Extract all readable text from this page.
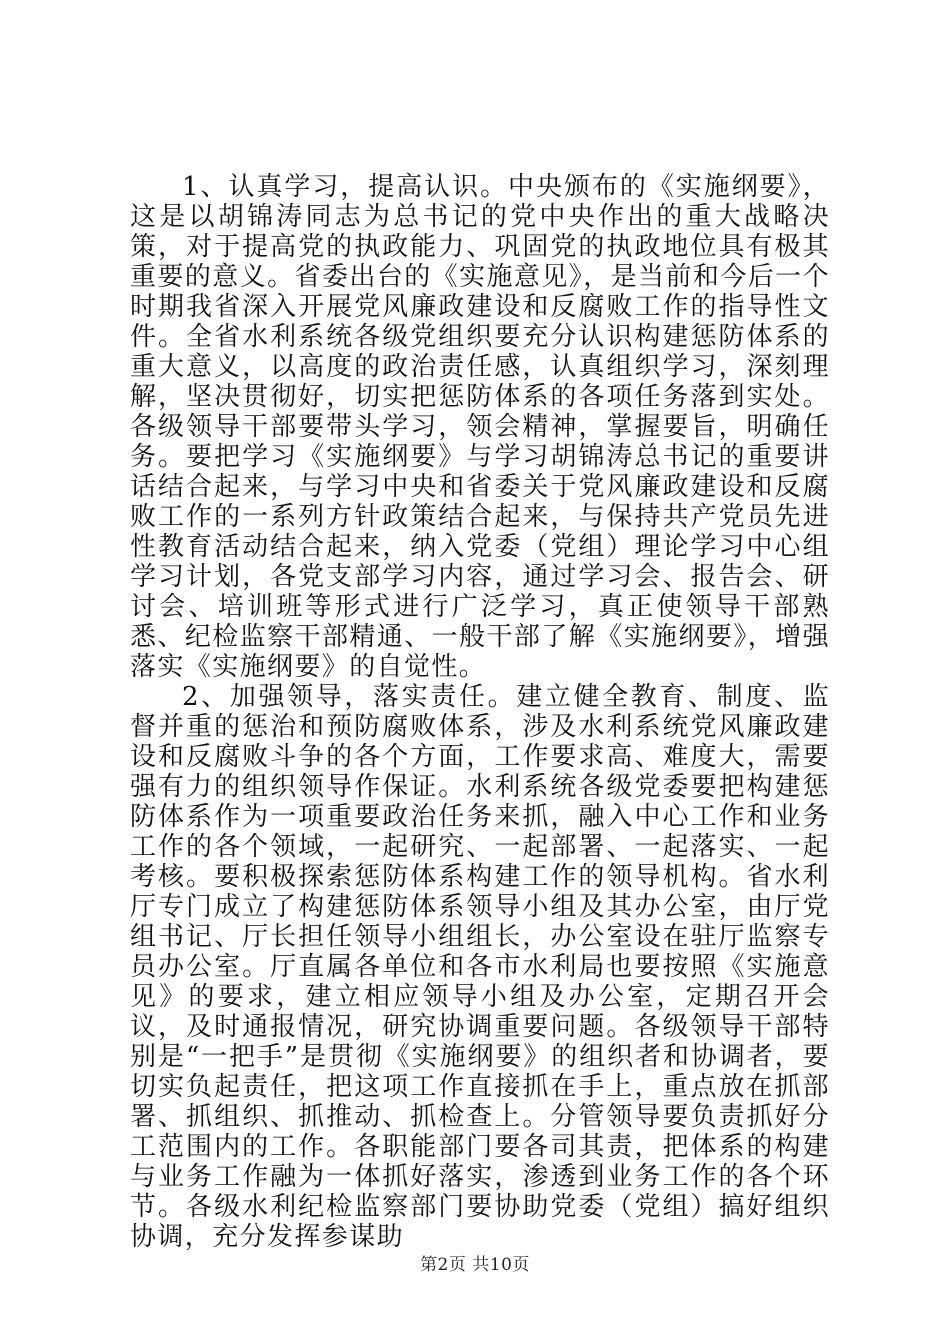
1、认真学习，提高认识。中央颁布的《实施纲要》，这是以胡锦涛同志为总书记的党中央作出的重大战略决策，对于提高党的执政能力、巩固党的执政地位具有极其重要的意义。省委出台的《实施意见》，是当前和今后一个时期我省深入开展党风廉政建设和反腐败工作的指导性文件。全省水利系统各级党组织要充分认识构建惩防体系的重大意义，以高度的政治责任感，认真组织学习，深刻理解，坚决贯彻好，切实把惩防体系的各项任务落到实处。各级领导干部要带头学习，领会精神，掌握要旨，明确任务。要把学习《实施纲要》与学习胡锦涛总书记的重要讲话结合起来，与学习中央和省委关于党风廉政建设和反腐败工作的一系列方针政策结合起来，与保持共产党员先进性教育活动结合起来，纳入党委（党组）理论学习中心组学习计划，各党支部学习内容，通过学习会、报告会、研讨会、培训班等形式进行广泛学习，真正使领导干部熟悉、纪检监察干部精通、一般干部了解《实施纲要》，增强落实《实施纲要》的自觉性。

2、加强领导，落实责任。建立健全教育、制度、监督并重的惩治和预防腐败体系，涉及水利系统党风廉政建设和反腐败斗争的各个方面，工作要求高、难度大，需要强有力的组织领导作保证。水利系统各级党委要把构建惩防体系作为一项重要政治任务来抓，融入中心工作和业务工作的各个领域，一起研究、一起部署、一起落实、一起考核。要积极探索惩防体系构建工作的领导机构。省水利厅专门成立了构建惩防体系领导小组及其办公室，由厅党组书记、厅长担任领导小组组长，办公室设在驻厅监察专员办公室。厅直属各单位和各市水利局也要按照《实施意见》的要求，建立相应领导小组及办公室，定期召开会议，及时通报情况，研究协调重要问题。各级领导干部特别是“一把手”是贯彻《实施纲要》的组织者和协调者，要切实负起责任，把这项工作直接抓在手上，重点放在抓部署、抓组织、抓推动、抓检查上。分管领导要负责抓好分工范围内的工作。各职能部门要各司其责，把体系的构建与业务工作融为一体抓好落实，渗透到业务工作的各个环节。各级水利纪检监察部门要协助党委（党组）搞好组织协调，充分发挥参谋助

第2页 共10页
